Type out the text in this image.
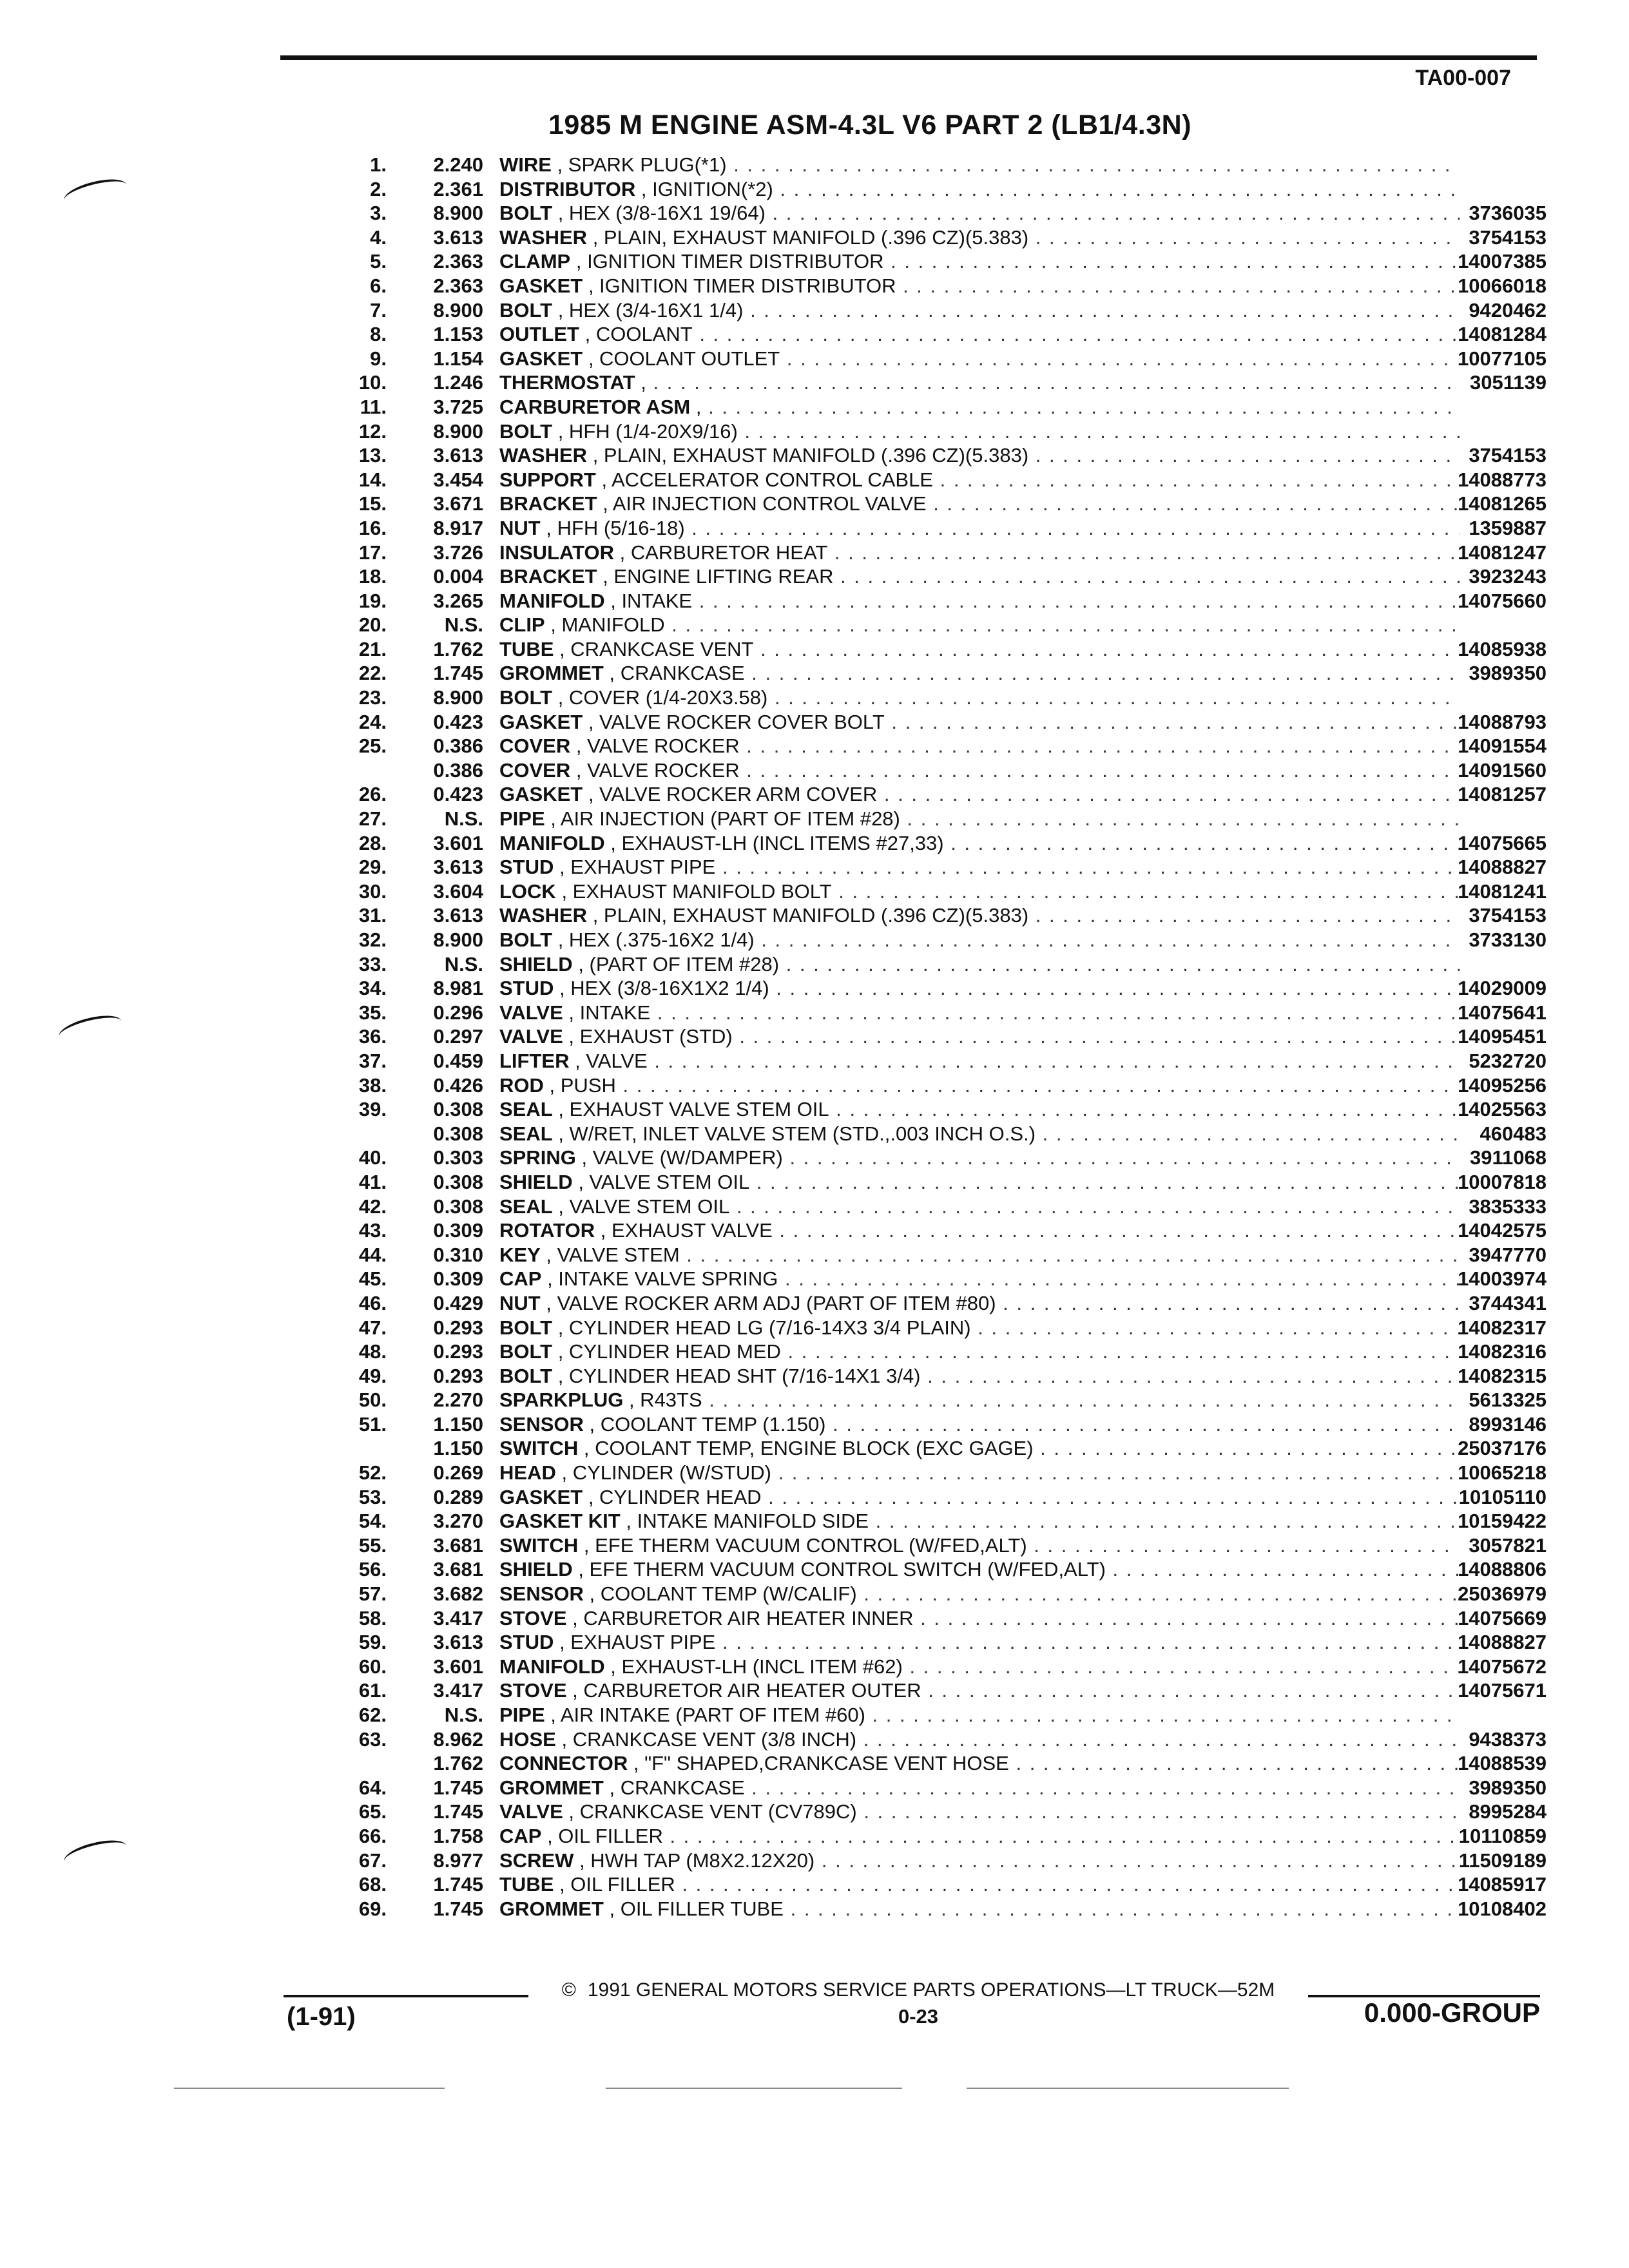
TA00-007
1985 M ENGINE ASM-4.3L V6 PART 2 (LB1/4.3N)
1.	2.240 WIRE , SPARK PLUG(*1) . . .
2.	2.361 DISTRIBUTOR , IGNITION(*2) . . .
3.	8.900 BOLT , HEX (3/8-16X1 19/64) . . .	3736035
4.	3.613 WASHER , PLAIN, EXHAUST MANIFOLD (.396 CZ)(5.383) . . .	3754153
5.	2.363 CLAMP , IGNITION TIMER DISTRIBUTOR . . .	14007385
6.	2.363 GASKET , IGNITION TIMER DISTRIBUTOR . . .	10066018
7.	8.900 BOLT , HEX (3/4-16X1 1/4) . . .	9420462
8.	1.153 OUTLET , COOLANT . . .	14081284
9.	1.154 GASKET , COOLANT OUTLET . . .	10077105
10.	1.246 THERMOSTAT , . . .	3051139
11.	3.725 CARBURETOR ASM , . . .
12.	8.900 BOLT , HFH (1/4-20X9/16) . . .
13.	3.613 WASHER , PLAIN, EXHAUST MANIFOLD (.396 CZ)(5.383) . . .	3754153
14.	3.454 SUPPORT , ACCELERATOR CONTROL CABLE . . .	14088773
15.	3.671 BRACKET , AIR INJECTION CONTROL VALVE . . .	14081265
16.	8.917 NUT , HFH (5/16-18) . . .	1359887
17.	3.726 INSULATOR , CARBURETOR HEAT . . .	14081247
18.	0.004 BRACKET , ENGINE LIFTING REAR . . .	3923243
19.	3.265 MANIFOLD , INTAKE . . .	14075660
20.	N.S. CLIP , MANIFOLD . . .
21.	1.762 TUBE , CRANKCASE VENT . . .	14085938
22.	1.745 GROMMET , CRANKCASE . . .	3989350
23.	8.900 BOLT , COVER (1/4-20X3.58) . . .
24.	0.423 GASKET , VALVE ROCKER COVER BOLT . . .	14088793
25.	0.386 COVER , VALVE ROCKER . . .	14091554
0.386 COVER , VALVE ROCKER . . .	14091560
26.	0.423 GASKET , VALVE ROCKER ARM COVER . . .	14081257
27.	N.S. PIPE , AIR INJECTION (PART OF ITEM #28) . . .
28.	3.601 MANIFOLD , EXHAUST-LH (INCL ITEMS #27,33) . . .	14075665
29.	3.613 STUD , EXHAUST PIPE . . .	14088827
30.	3.604 LOCK , EXHAUST MANIFOLD BOLT . . .	14081241
31.	3.613 WASHER , PLAIN, EXHAUST MANIFOLD (.396 CZ)(5.383) . . .	3754153
32.	8.900 BOLT , HEX (.375-16X2 1/4) . . .	3733130
33.	N.S. SHIELD , (PART OF ITEM #28) . . .
34.	8.981 STUD , HEX (3/8-16X1X2 1/4) . . .	14029009
35.	0.296 VALVE , INTAKE . . .	14075641
36.	0.297 VALVE , EXHAUST (STD) . . .	14095451
37.	0.459 LIFTER , VALVE . . .	5232720
38.	0.426 ROD , PUSH . . .	14095256
39.	0.308 SEAL , EXHAUST VALVE STEM OIL . . .	14025563
0.308 SEAL , W/RET, INLET VALVE STEM (STD.,.003 INCH O.S.) . . .	460483
40.	0.303 SPRING , VALVE (W/DAMPER) . . .	3911068
41.	0.308 SHIELD , VALVE STEM OIL . . .	10007818
42.	0.308 SEAL , VALVE STEM OIL . . .	3835333
43.	0.309 ROTATOR , EXHAUST VALVE . . .	14042575
44.	0.310 KEY , VALVE STEM . . .	3947770
45.	0.309 CAP , INTAKE VALVE SPRING . . .	14003974
46.	0.429 NUT , VALVE ROCKER ARM ADJ (PART OF ITEM #80) . . .	3744341
47.	0.293 BOLT , CYLINDER HEAD LG (7/16-14X3 3/4 PLAIN) . . .	14082317
48.	0.293 BOLT , CYLINDER HEAD MED . . .	14082316
49.	0.293 BOLT , CYLINDER HEAD SHT (7/16-14X1 3/4) . . .	14082315
50.	2.270 SPARKPLUG , R43TS . . .	5613325
51.	1.150 SENSOR , COOLANT TEMP (1.150) . . .	8993146
1.150 SWITCH , COOLANT TEMP, ENGINE BLOCK (EXC GAGE) . . .	25037176
52.	0.269 HEAD , CYLINDER (W/STUD) . . .	10065218
53.	0.289 GASKET , CYLINDER HEAD . . .	10105110
54.	3.270 GASKET KIT , INTAKE MANIFOLD SIDE . . .	10159422
55.	3.681 SWITCH , EFE THERM VACUUM CONTROL (W/FED,ALT) . . .	3057821
56.	3.681 SHIELD , EFE THERM VACUUM CONTROL SWITCH (W/FED,ALT) . . .	14088806
57.	3.682 SENSOR , COOLANT TEMP (W/CALIF) . . .	25036979
58.	3.417 STOVE , CARBURETOR AIR HEATER INNER . . .	14075669
59.	3.613 STUD , EXHAUST PIPE . . .	14088827
60.	3.601 MANIFOLD , EXHAUST-LH (INCL ITEM #62) . . .	14075672
61.	3.417 STOVE , CARBURETOR AIR HEATER OUTER . . .	14075671
62.	N.S. PIPE , AIR INTAKE (PART OF ITEM #60) . . .
63.	8.962 HOSE , CRANKCASE VENT (3/8 INCH) . . .	9438373
1.762 CONNECTOR , "F" SHAPED,CRANKCASE VENT HOSE . . .	14088539
64.	1.745 GROMMET , CRANKCASE . . .	3989350
65.	1.745 VALVE , CRANKCASE VENT (CV789C) . . .	8995284
66.	1.758 CAP , OIL FILLER . . .	10110859
67.	8.977 SCREW , HWH TAP (M8X2.12X20) . . .	11509189
68.	1.745 TUBE , OIL FILLER . . .	14085917
69.	1.745 GROMMET , OIL FILLER TUBE . . .	10108402
© 1991 GENERAL MOTORS SERVICE PARTS OPERATIONS—LT TRUCK—52M
0-23
(1-91)	0.000-GROUP
